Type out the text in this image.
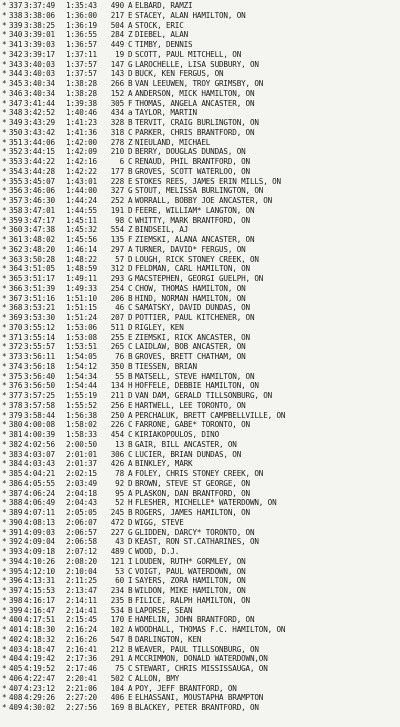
* 337 3:37:49	1:35:43	490 A ELBARD, RAMZI
* 338 3:38:06	1:36:00	217 E STACEY, ALAN HAMILTON, ON
* 339 3:38:25	1:36:19	504 A STOCK, ERIC
* 340 3:39:01	1:36:55	284 Z DIEBEL, ALAN
* 341 3:39:03	1:36:57	449 C TIMBY, DENNIS
* 342 3:39:17	1:37:11	19 D SCOTT, PAUL MITCHELL, ON
* 343 3:40:03	1:37:57	147 G LAROCHELLE, LISA SUDBURY, ON
* 344 3:40:03	1:37:57	143 D BUCK, KEN FERGUS, ON
* 345 3:40:34	1:38:28	266 B VAN LEEUWEN, TROY GRIMSBY, ON
* 346 3:40:34	1:38:28	152 A ANDERSON, MICK HAMILTON, ON
* 347 3:41:44	1:39:38	305 F THOMAS, ANGELA ANCASTER, ON
* 348 3:42:52	1:40:46	434 a TAYLOR, MARTIN
* 349 3:43:29	1:41:23	328 B TERVIT, CRAIG BURLINGTON, ON
* 350 3:43:42	1:41:36	318 C PARKER, CHRIS BRANTFORD, ON
* 351 3:44:06	1:42:00	278 Z NIEULAND, MICHAEL
* 352 3:44:15	1:42:09	210 D BERRY, DOUGLAS DUNDAS, ON
* 353 3:44:22	1:42:16	6 C RENAUD, PHIL BRANTFORD, ON
* 354 3:44:28	1:42:22	177 B GROVES, SCOTT WATERLOO, ON
* 355 3:45:07	1:43:01	228 E STOKES REES, JAMES ERIN MILLS, ON
* 356 3:46:06	1:44:00	327 G STOUT, MELISSA BURLINGTON, ON
* 357 3:46:30	1:44:24	252 A WORRALL, BOBBY JOE ANCASTER, ON
* 358 3:47:01	1:44:55	191 D FEERE, WILLIAM* LANGTON, ON
* 359 3:47:17	1:45:11	98 C WHITTY, MARK BRANTFORD, ON
* 360 3:47:38	1:45:32	554 Z BINDSEIL, AJ
* 361 3:48:02	1:45:56	135 F ZIEMSKI, ALANA ANCASTER, ON
* 362 3:48:20	1:46:14	297 A TURNER, DAVID* FERGUS, ON
* 363 3:50:28	1:48:22	57 D LOUGH, RICK STONEY CREEK, ON
* 364 3:51:05	1:48:59	312 D FELDMAN, CARL HAMILTON, ON
* 365 3:51:17	1:49:11	293 G MACSTEPHEN, GEORGI GUELPH, ON
* 366 3:51:39	1:49:33	254 C CHOW, THOMAS HAMILTON, ON
* 367 3:51:16	1:51:10	206 B HIND, NORMAN HAMILTON, ON
* 368 3:53:21	1:51:15	46 C SAMATSKY, DAVID DUNDAS, ON
* 369 3:53:30	1:51:24	207 D POTTIER, PAUL KITCHENER, ON
* 370 3:55:12	1:53:06	511 D RIGLEY, KEN
* 371 3:55:14	1:53:08	255 E ZIEMSKI, RICK ANCASTER, ON
* 372 3:55:57	1:53:51	265 C LAIDLAW, BOB ANCASTER, ON
* 373 3:56:11	1:54:05	76 B GROVES, BRETT CHATHAM, ON
* 374 3:56:18	1:54:12	350 B TIESSEN, BRIAN
* 375 3:56:40	1:54:34	55 B MATSELL, STEVE HAMILTON, ON
* 376 3:56:50	1:54:44	134 H HOFFELE, DEBBIE HAMILTON, ON
* 377 3:57:25	1:55:19	211 D VAN DAM, GERALD TILLSONBURG, ON
* 378 3:57:58	1:55:52	256 E HARTWELL, LEE TORONTO, ON
* 379 3:58:44	1:56:38	250 A PERCHALUK, BRETT CAMPBELLVILLE, ON
* 380 4:00:08	1:58:02	226 C FARRONE, GABE* TORONTO, ON
* 381 4:00:39	1:58:33	454 C KIRIAKOPOULOS, DINO
* 382 4:02:56	2:00:50	13 B GAIR, BILL ANCASTER, ON
* 383 4:03:07	2:01:01	306 C LUCIER, BRIAN DUNDAS, ON
* 384 4:03:43	2:01:37	426 A BINKLEY, MARK
* 385 4:04:21	2:02:15	78 A FOLEY, CHRIS STONEY CREEK, ON
* 386 4:05:55	2:03:49	92 D BROWN, STEVE ST GEORGE, ON
* 387 4:06:24	2:04:18	95 A PLASKON, DAN BRANTFORD, ON
* 388 4:06:49	2:04:43	52 H FLESHER, MICHELLE* WATERDOWN, ON
* 389 4:07:11	2:05:05	245 B ROGERS, JAMES HAMILTON, ON
* 390 4:08:13	2:06:07	472 D WIGG, STEVE
* 391 4:09:03	2:06:57	227 G GLIDDEN, DARCY* TORONTO, ON
* 392 4:09:04	2:06:58	43 D KEAST, RON ST.CATHARINES, ON
* 393 4:09:18	2:07:12	489 C WOOD, D.J.
* 394 4:10:26	2:08:20	121 I LOUDEN, RUTH* GORMLEY, ON
* 395 4:12:10	2:10:04	53 C VOIGT, PAUL WATERDOWN, ON
* 396 4:13:31	2:11:25	60 I SAYERS, ZORA HAMILTON, ON
* 397 4:15:53	2:13:47	234 B WILDON, MIKE HAMILTON, ON
* 398 4:16:17	2:14:11	235 B FILICE, RALPH HAMILTON, ON
* 399 4:16:47	2:14:41	534 B LAPORSE, SEAN
* 400 4:17:51	2:15:45	170 E HAMELIN, JOHN BRANTFORD, ON
* 401 4:18:30	2:16:24	102 A WOODHALL, THOMAS F.C. HAMILTON, ON
* 402 4:18:32	2:16:26	547 B DARLINGTON, KEN
* 403 4:18:47	2:16:41	212 B WEAVER, PAUL TILLSONBURG, ON
* 404 4:19:42	2:17:36	291 A MCCRIMMON, DONALD WATERDOWN,ON
* 405 4:19:52	2:17:46	75 C STEWART, CHRIS MISSISSAUGA, ON
* 406 4:22:47	2:20:41	502 C ALLON, BMY
* 407 4:23:12	2:21:06	104 A POY, JEFF BRANTFORD, ON
* 408 4:29:26	2:27:20	406 E ELHASSANI, MOUSTAPHA BRAMPTON
* 409 4:30:02	2:27:56	169 B BLACKEY, PETER BRANTFORD, ON
